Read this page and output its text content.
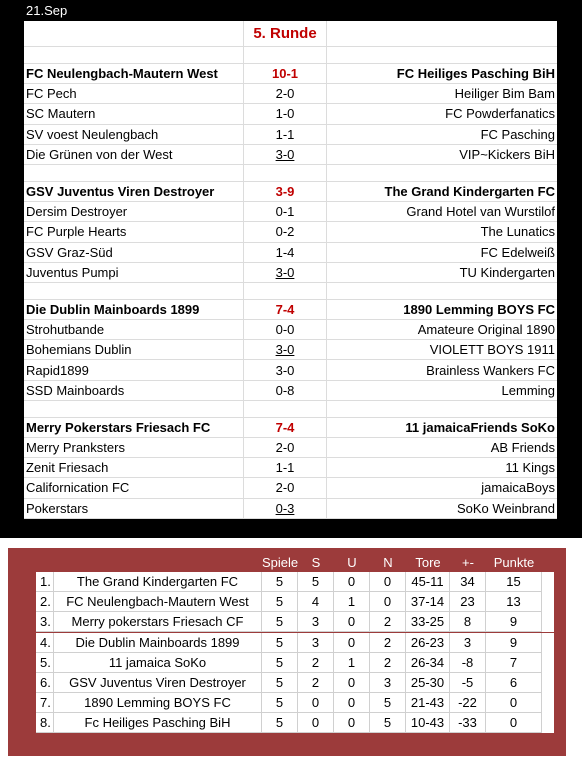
21.Sep
5. Runde
FC Neulengbach-Mautern West	10-1	FC Heiliges Pasching BiH
FC Pech	2-0	Heiliger Bim Bam
SC Mautern	1-0	FC Powderfanatics
SV voest Neulengbach	1-1	FC Pasching
Die Grünen von der West	3-0	VIP~Kickers BiH
GSV Juventus Viren Destroyer	3-9	The Grand Kindergarten FC
Dersim Destroyer	0-1	Grand Hotel van Wurstilof
FC Purple Hearts	0-2	The Lunatics
GSV Graz-Süd	1-4	FC Edelweiß
Juventus Pumpi	3-0	TU Kindergarten
Die Dublin Mainboards 1899	7-4	1890 Lemming BOYS FC
Strohutbande	0-0	Amateure Original 1890
Bohemians Dublin	3-0	VIOLETT BOYS 1911
Rapid1899	3-0	Brainless Wankers FC
SSD Mainboards	0-8	Lemming
Merry Pokerstars Friesach FC	7-4	11 jamaicaFriends SoKo
Merry Pranksters	2-0	AB Friends
Zenit Friesach	1-1	11 Kings
Californication FC	2-0	jamaicaBoys
Pokerstars	0-3	SoKo Weinbrand
Spiele	S	U	N	Tore	+-	Punkte
1.	The Grand Kindergarten FC	5	5	0	0	45-11	34	15
2.	FC Neulengbach-Mautern West	5	4	1	0	37-14	23	13
3.	Merry pokerstars Friesach CF	5	3	0	2	33-25	8	9
4.	Die Dublin Mainboards 1899	5	3	0	2	26-23	3	9
5.	11 jamaica SoKo	5	2	1	2	26-34	-8	7
6.	GSV Juventus Viren Destroyer	5	2	0	3	25-30	-5	6
7.	1890 Lemming BOYS FC	5	0	0	5	21-43	-22	0
8.	Fc Heiliges Pasching BiH	5	0	0	5	10-43	-33	0
